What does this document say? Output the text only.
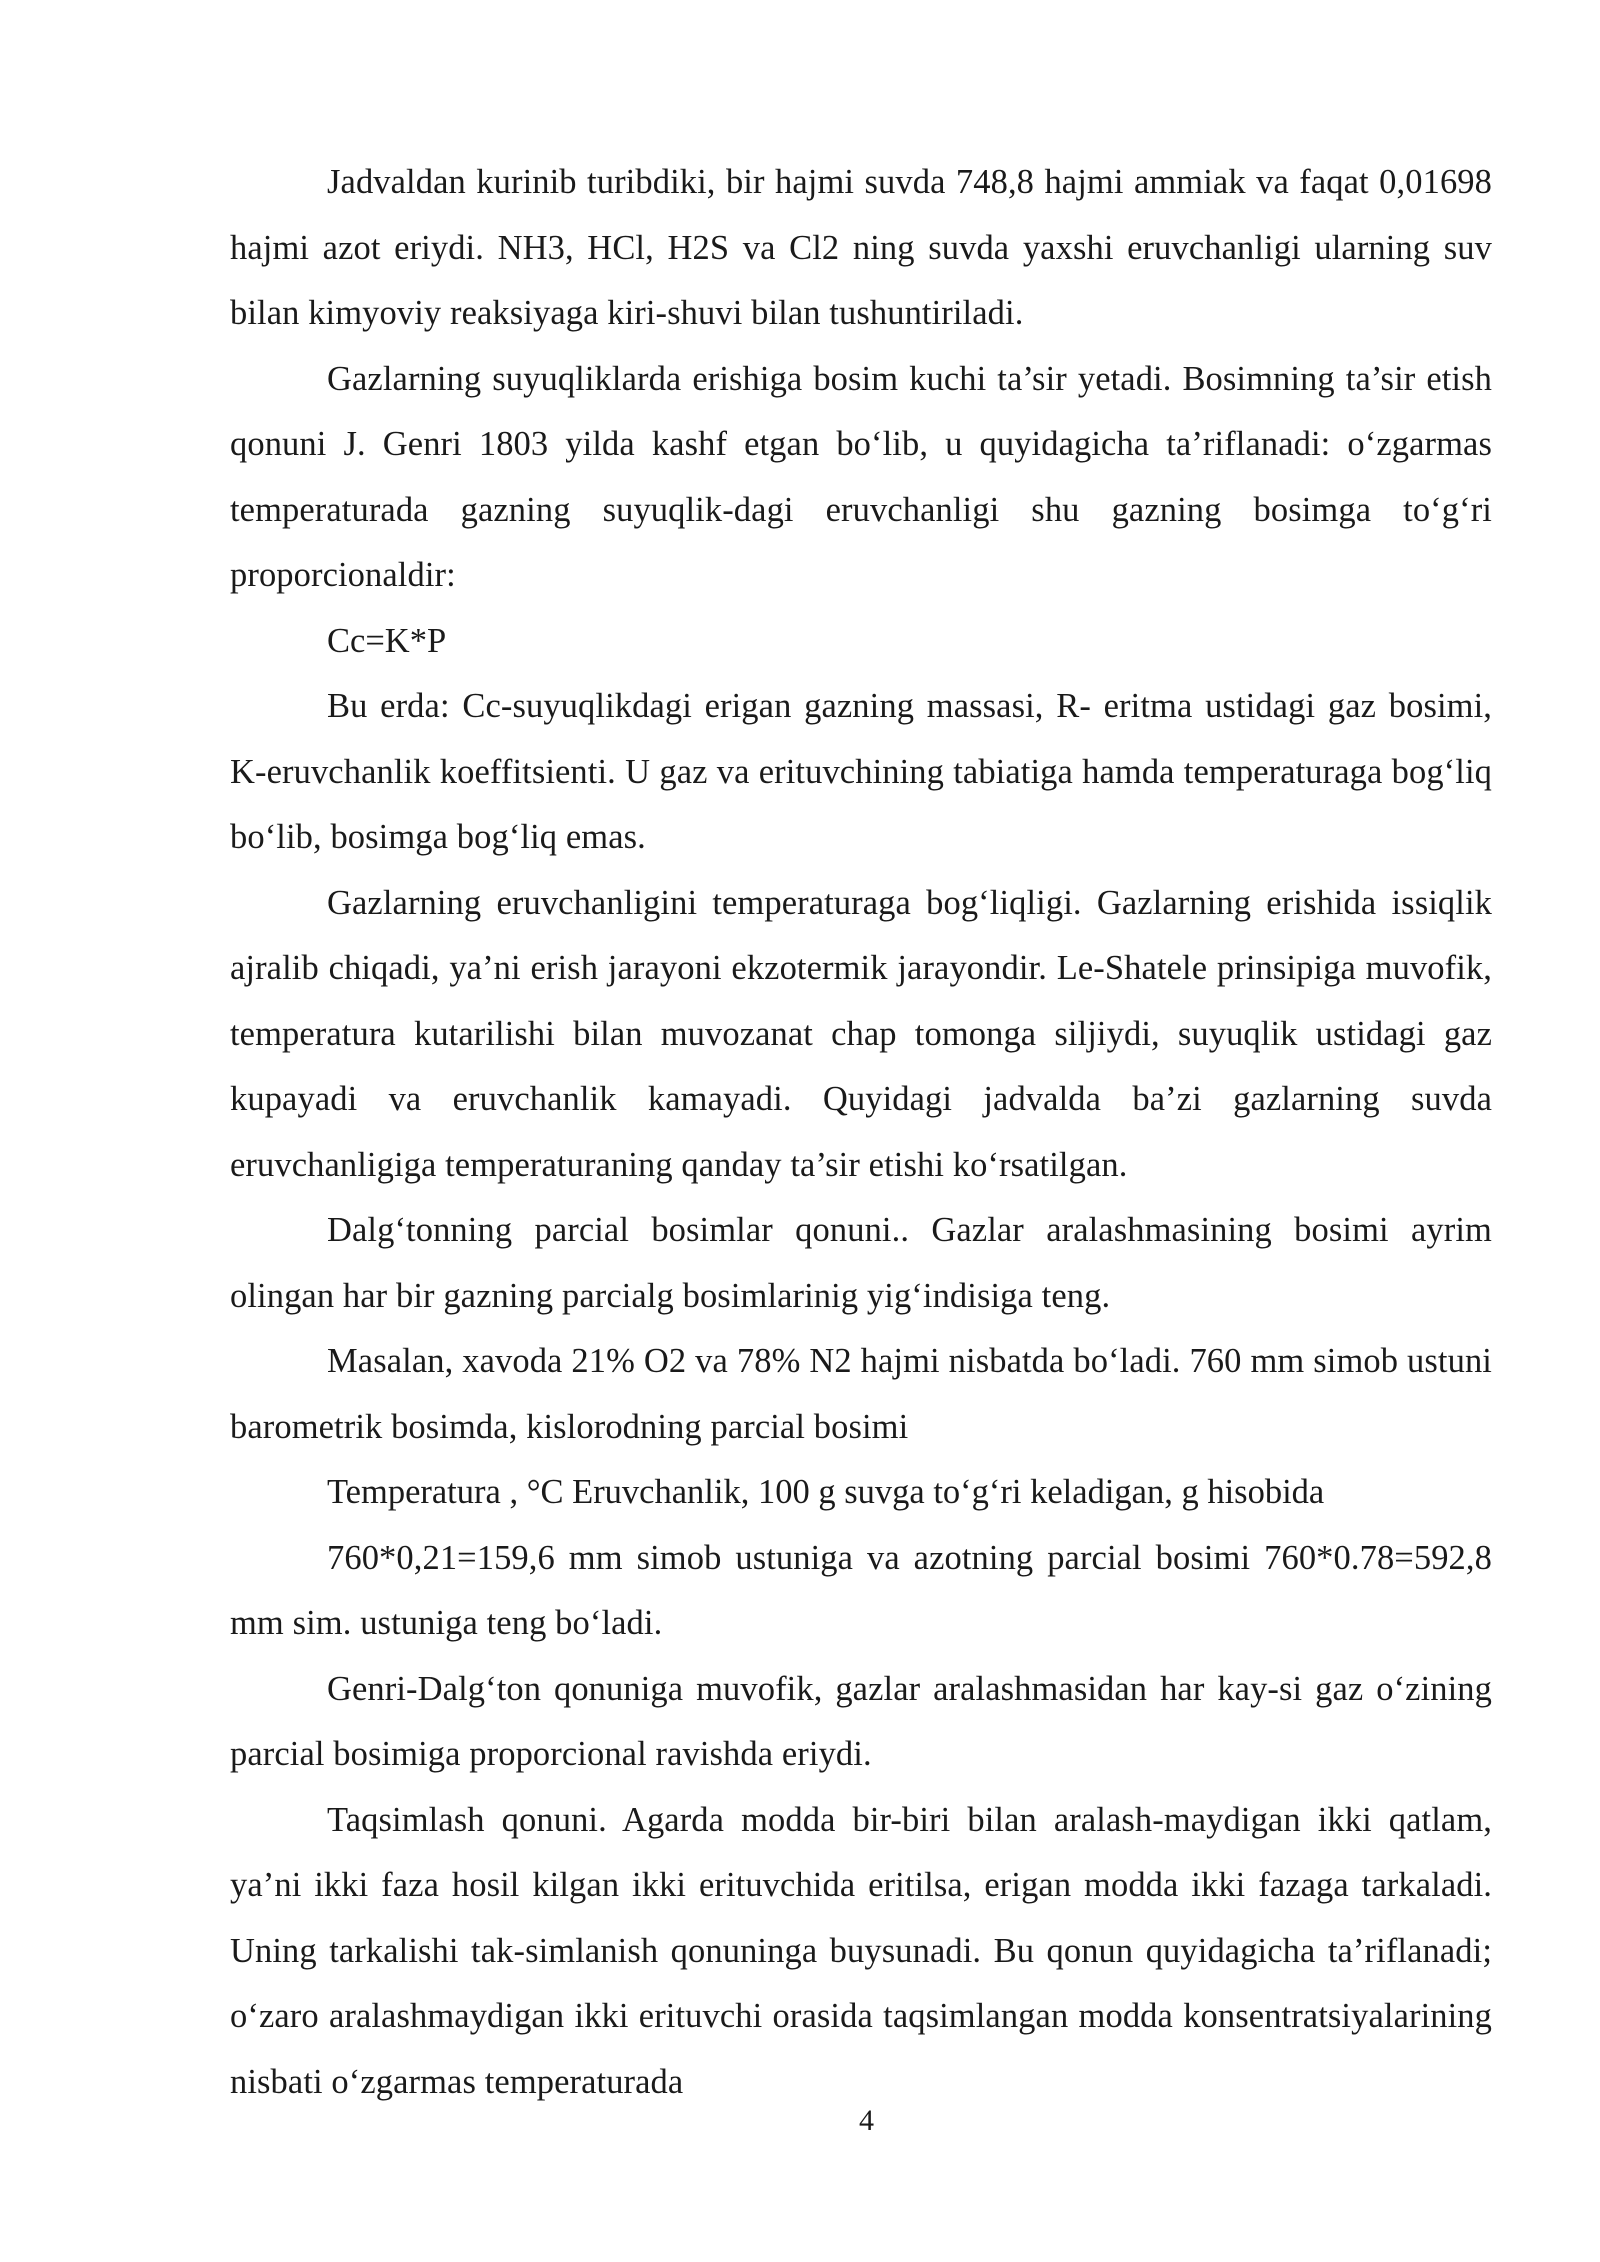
Jadvaldan kurinib turibdiki, bir hajmi suvda 748,8 hajmi ammiak va faqat 0,01698 hajmi azot eriydi. NH3, HCl, H2S va Cl2 ning suvda yaxshi eruvchanligi ularning suv bilan kimyoviy reaksiyaga kiri-shuvi bilan tushuntiriladi.

Gazlarning suyuqliklarda erishiga bosim kuchi ta’sir yetadi. Bosimning ta’sir etish qonuni J. Genri 1803 yilda kashf etgan bo‘lib, u quyidagicha ta’riflanadi: o‘zgarmas temperaturada gazning suyuqlik-dagi eruvchanligi shu gazning bosimga to‘g‘ri proporcionaldir:

Cc=K*P

Bu erda: Cc-suyuqlikdagi erigan gazning massasi, R- eritma ustidagi gaz bosimi, K-eruvchanlik koeffitsienti. U gaz va erituvchining tabiatiga hamda temperaturaga bog‘liq bo‘lib, bosimga bog‘liq emas.

Gazlarning eruvchanligini temperaturaga bog‘liqligi. Gazlarning erishida issiqlik ajralib chiqadi, ya’ni erish jarayoni ekzotermik jarayondir. Le-Shatele prinsipiga muvofik, temperatura kutarilishi bilan muvozanat chap tomonga siljiydi, suyuqlik ustidagi gaz kupayadi va eruvchanlik kamayadi. Quyidagi jadvalda ba’zi gazlarning suvda eruvchanligiga temperaturaning qanday ta’sir etishi ko‘rsatilgan.

Dalg‘tonning parcial bosimlar qonuni.. Gazlar aralashmasining bosimi ayrim olingan har bir gazning parcialg bosimlarinig yig‘indisiga teng.

Masalan, xavoda 21% O2 va 78% N2 hajmi nisbatda bo‘ladi. 760 mm simob ustuni barometrik bosimda, kislorodning parcial bosimi

Temperatura , °C Eruvchanlik, 100 g suvga to‘g‘ri keladigan, g hisobida

760*0,21=159,6 mm simob ustuniga va azotning parcial bosimi 760*0.78=592,8 mm sim. ustuniga teng bo‘ladi.

Genri-Dalg‘ton qonuniga muvofik, gazlar aralashmasidan har kay-si gaz o‘zining parcial bosimiga proporcional ravishda eriydi.

Taqsimlash qonuni. Agarda modda bir-biri bilan aralash-maydigan ikki qatlam, ya’ni ikki faza hosil kilgan ikki erituvchida eritilsa, erigan modda ikki fazaga tarkaladi. Uning tarkalishi tak-simlanish qonuninga buysunadi. Bu qonun quyidagicha ta’riflanadi; o‘zaro aralashmaydigan ikki erituvchi orasida taqsimlangan modda konsentratsiyalarining nisbati o‘zgarmas temperaturada

4
